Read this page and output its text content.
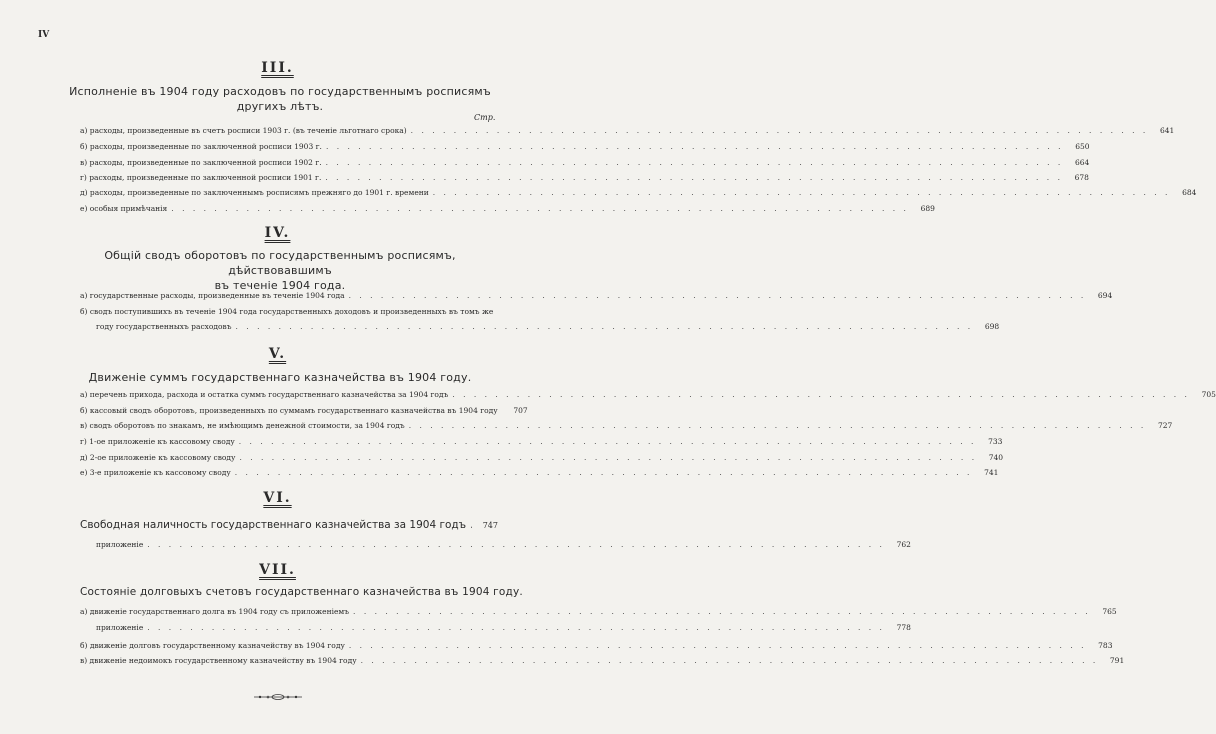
IV
III.
Исполненiе въ 1904 году расходовъ по государственнымъ росписямъ
другихъ лѣтъ.
Стр.
а) расходы, произведенные въ счетъ росписи 1903 г. (въ теченiе льготнаго срока) . . . . . . . . . . . . . . . . . . . . . . . . . . . . . . . . . . . . . . . . . . . . . . . . . . . . . . . . . . . . . . . . . . . . .	641
б) расходы, произведенные по заключенной росписи 1903 г. . . . . . . . . . . . . . . . . . . . . . . . . . . . . . . . . . . . . . . . . . . . . . . . . . . . . . . . . . . . . . . . . . . . . .	650
в) расходы, произведенные по заключенной росписи 1902 г. . . . . . . . . . . . . . . . . . . . . . . . . . . . . . . . . . . . . . . . . . . . . . . . . . . . . . . . . . . . . . . . . . . . . .	664
г) расходы, произведенные по заключенной росписи 1901 г. . . . . . . . . . . . . . . . . . . . . . . . . . . . . . . . . . . . . . . . . . . . . . . . . . . . . . . . . . . . . . . . . . . . . .	678
д) расходы, произведенные по заключеннымъ росписямъ прежняго до 1901 г. времени . . . . . . . . . . . . . . . . . . . . . . . . . . . . . . . . . . . . . . . . . . . . . . . . . . . . . . . . . . . . . . . . . . . . .	684
е) особыя примѣчанiя . . . . . . . . . . . . . . . . . . . . . . . . . . . . . . . . . . . . . . . . . . . . . . . . . . . . . . . . . . . . . . . . . . . . .	689
IV.
Общiй сводъ оборотовъ по государственнымъ росписямъ, дѣйствовавшимъ
въ теченiе 1904 года.
а) государственные расходы, произведенные въ теченiе 1904 года . . . . . . . . . . . . . . . . . . . . . . . . . . . . . . . . . . . . . . . . . . . . . . . . . . . . . . . . . . . . . . . . . . . . .	694
б) сводъ поступившихъ въ теченiе 1904 года государственныхъ доходовъ и произведенныхъ въ томъ же
году государственныхъ расходовъ . . . . . . . . . . . . . . . . . . . . . . . . . . . . . . . . . . . . . . . . . . . . . . . . . . . . . . . . . . . . . . . . . . . . .	698
V.
Движенiе суммъ государственнаго казначейства въ 1904 году.
а) перечень прихода, расхода и остатка суммъ государственнаго казначейства за 1904 годъ . . . . . . . . . . . . . . . . . . . . . . . . . . . . . . . . . . . . . . . . . . . . . . . . . . . . . . . . . . . . . . . . . . . . .	705
б) кассовый сводъ оборотовъ, произведенныхъ по суммамъ государственнаго казначейства въ 1904 году	707
в) сводъ оборотовъ по знакамъ, не имѣющимъ денежной стоимости, за 1904 годъ . . . . . . . . . . . . . . . . . . . . . . . . . . . . . . . . . . . . . . . . . . . . . . . . . . . . . . . . . . . . . . . . . . . . .	727
г) 1-ое приложенiе къ кассовому своду . . . . . . . . . . . . . . . . . . . . . . . . . . . . . . . . . . . . . . . . . . . . . . . . . . . . . . . . . . . . . . . . . . . . .	733
д) 2-ое приложенiе къ кассовому своду . . . . . . . . . . . . . . . . . . . . . . . . . . . . . . . . . . . . . . . . . . . . . . . . . . . . . . . . . . . . . . . . . . . . .	740
е) 3-е приложенiе къ кассовому своду . . . . . . . . . . . . . . . . . . . . . . . . . . . . . . . . . . . . . . . . . . . . . . . . . . . . . . . . . . . . . . . . . . . . .	741
VI.
Свободная наличность государственнаго казначейства за 1904 годъ	747
приложенiе . . . . . . . . . . . . . . . . . . . . . . . . . . . . . . . . . . . . . . . . . . . . . . . . . . . . . . . . . . . . . . . . . . . . .	762
VII.
Состоянiе долговыхъ счетовъ государственнаго казначейства въ 1904 году.
а) движенiе государственнаго долга въ 1904 году съ приложенiемъ . . . . . . . . . . . . . . . . . . . . . . . . . . . . . . . . . . . . . . . . . . . . . . . . . . . . . . . . . . . . . . . . . . . . .	765
приложенiе . . . . . . . . . . . . . . . . . . . . . . . . . . . . . . . . . . . . . . . . . . . . . . . . . . . . . . . . . . . . . . . . . . . . .	778
б) движенiе долговъ государственному казначейству въ 1904 году . . . . . . . . . . . . . . . . . . . . . . . . . . . . . . . . . . . . . . . . . . . . . . . . . . . . . . . . . . . . . . . . . . . . .	783
в) движенiе недоимокъ государственному казначейству въ 1904 году . . . . . . . . . . . . . . . . . . . . . . . . . . . . . . . . . . . . . . . . . . . . . . . . . . . . . . . . . . . . . . . . . . . . .	791
